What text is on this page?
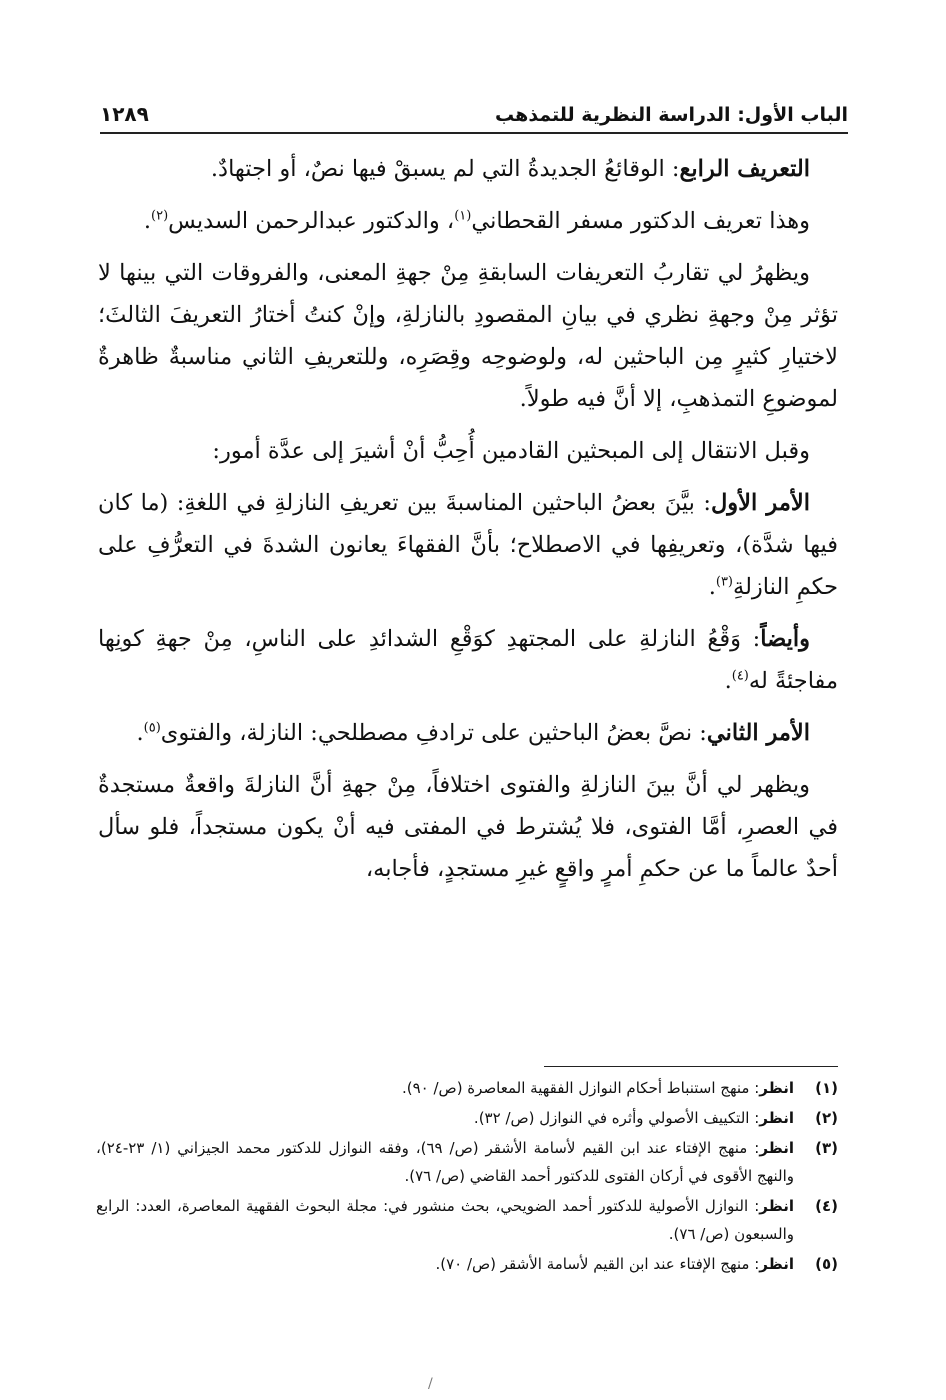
الباب الأول: الدراسة النظرية للتمذهب
١٢٨٩

التعريف الرابع: الوقائعُ الجديدةُ التي لم يسبقْ فيها نصٌ، أو اجتهادٌ.

وهذا تعريف الدكتور مسفر القحطاني$^{(١)}$، والدكتور عبدالرحمن السديس$^{(٢)}$.

ويظهرُ لي تقاربُ التعريفات السابقةِ مِنْ جهةِ المعنى، والفروقات التي بينها لا تؤثر مِنْ وجهةِ نظري في بيانِ المقصودِ بالنازلةِ، وإنْ كنتُ أختارُ التعريفَ الثالثَ؛ لاختيارِ كثيرٍ مِن الباحثين له، ولوضوحِه وقِصَرِه، وللتعريفِ الثاني مناسبةٌ ظاهرةٌ لموضوعِ التمذهبِ، إلا أنَّ فيه طولاً.

وقبل الانتقال إلى المبحثين القادمين أُحِبُّ أنْ أشيرَ إلى عدَّة أمور:

الأمر الأول: بيَّنَ بعضُ الباحثين المناسبةَ بين تعريفِ النازلةِ في اللغةِ: (ما كان فيها شدَّة)، وتعريفِها في الاصطلاح؛ بأنَّ الفقهاءَ يعانون الشدةَ في التعرُّفِ على حكمِ النازلةِ$^{(٣)}$.

وأيضاً: وَقْعُ النازلةِ على المجتهدِ كوَقْعِ الشدائدِ على الناسِ، مِنْ جهةِ كونِها مفاجئةً له$^{(٤)}$.

الأمر الثاني: نصَّ بعضُ الباحثين على ترادفِ مصطلحي: النازلة، والفتوى$^{(٥)}$.

ويظهر لي أنَّ بينَ النازلةِ والفتوى اختلافاً، مِنْ جهةِ أنَّ النازلةَ واقعةٌ مستجدةٌ في العصرِ، أمَّا الفتوى، فلا يُشترط في المفتى فيه أنْ يكون مستجداً، فلو سأل أحدٌ عالماً ما عن حكمِ أمرٍ واقعٍ غيرِ مستجدٍ، فأجابه،

(١)
انظر: منهج استنباط أحكام النوازل الفقهية المعاصرة (ص/ ٩٠).
(٢)
انظر: التكييف الأصولي وأثره في النوازل (ص/ ٣٢).
(٣)
انظر: منهج الإفتاء عند ابن القيم لأسامة الأشقر (ص/ ٦٩)، وفقه النوازل للدكتور محمد الجيزاني (١/ ٢٣-٢٤)، والنهج الأقوى في أركان الفتوى للدكتور أحمد القاضي (ص/ ٧٦).
(٤)
انظر: النوازل الأصولية للدكتور أحمد الضويحي، بحث منشور في: مجلة البحوث الفقهية المعاصرة، العدد: الرابع والسبعون (ص/ ٧٦).
(٥)
انظر: منهج الإفتاء عند ابن القيم لأسامة الأشقر (ص/ ٧٠).
/
